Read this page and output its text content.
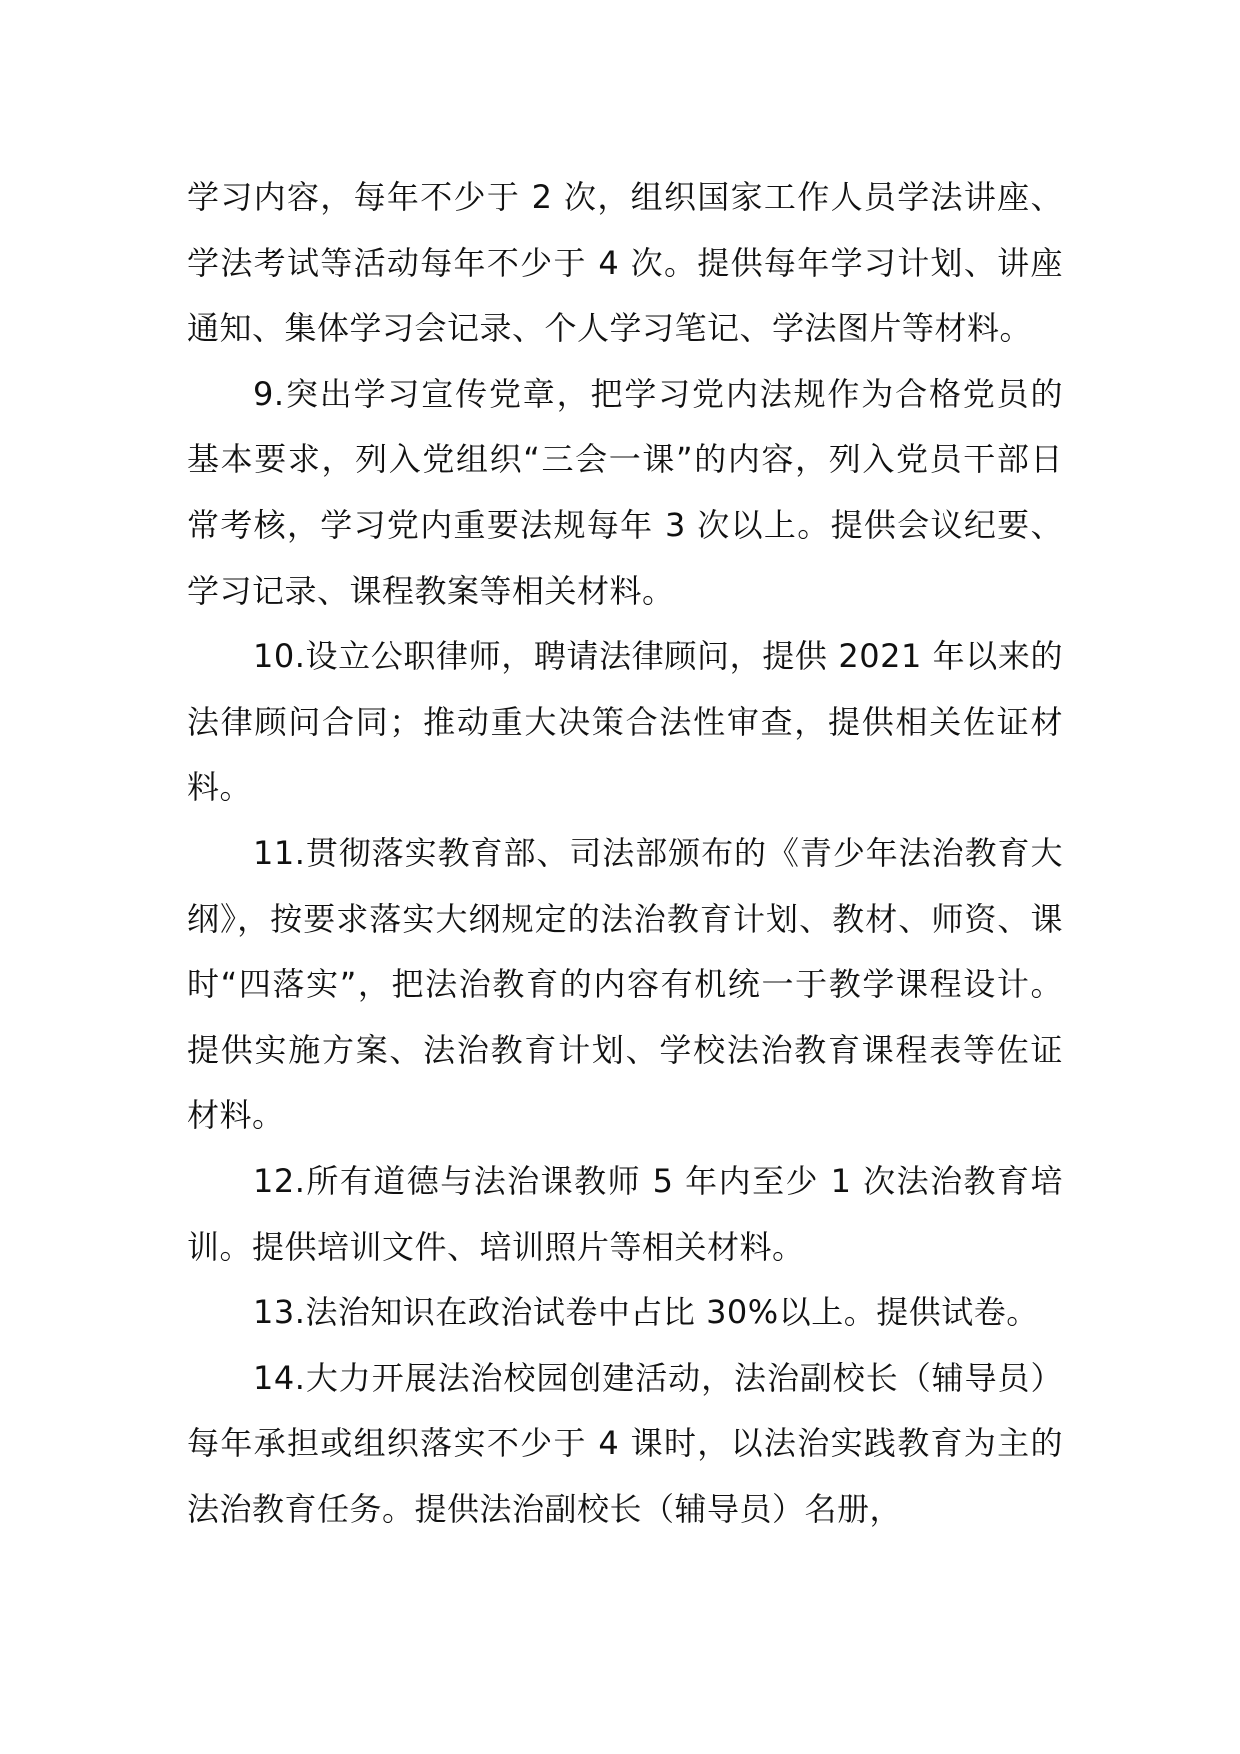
学习内容，每年不少于 2 次，组织国家工作人员学法讲座、学法考试等活动每年不少于 4 次。提供每年学习计划、讲座通知、集体学习会记录、个人学习笔记、学法图片等材料。

9.突出学习宣传党章，把学习党内法规作为合格党员的基本要求，列入党组织“三会一课”的内容，列入党员干部日常考核，学习党内重要法规每年 3 次以上。提供会议纪要、学习记录、课程教案等相关材料。

10.设立公职律师，聘请法律顾问，提供 2021 年以来的法律顾问合同；推动重大决策合法性审查，提供相关佐证材料。

11.贯彻落实教育部、司法部颁布的《青少年法治教育大纲》，按要求落实大纲规定的法治教育计划、教材、师资、课时“四落实”，把法治教育的内容有机统一于教学课程设计。提供实施方案、法治教育计划、学校法治教育课程表等佐证材料。

12.所有道德与法治课教师 5 年内至少 1 次法治教育培训。提供培训文件、培训照片等相关材料。

13.法治知识在政治试卷中占比 30%以上。提供试卷。

14.大力开展法治校园创建活动，法治副校长（辅导员）每年承担或组织落实不少于 4 课时，以法治实践教育为主的法治教育任务。提供法治副校长（辅导员）名册，
